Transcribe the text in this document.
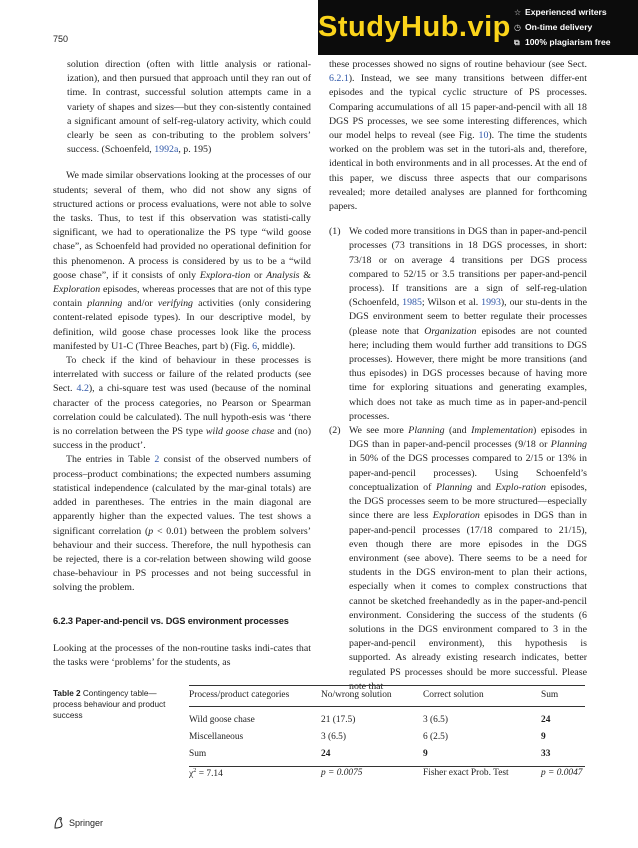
750	StudyHub.vip ☆ Experienced writers
◷ On-time delivery
⧉ 100% plagiarism free

solution direction (often with little analysis or rational-ization), and then pursued that approach until they ran out of time. In contrast, successful solution attempts came in a variety of shapes and sizes—but they con-sistently contained a significant amount of self-reg-ulatory activity, which could clearly be seen as con-tributing to the problem solvers’ success. (Schoenfeld, 1992a, p. 195)

We made similar observations looking at the processes of our students; several of them, who did not show any signs of structured actions or process evaluations, were not able to solve the tasks. Thus, to test if this observation was statisti-cally significant, we had to operationalize the PS type “wild goose chase”, as Schoenfeld had provided no operational definition for this phenomenon. A process is considered by us to be a “wild goose chase”, if it consists of only Explora-tion or Analysis & Exploration episodes, whereas processes that are not of this type contain planning and/or verifying activities (only considering content-related episode types). In our descriptive model, by definition, wild goose chase processes look like the process manifested by U1-C (Three Beaches, part b) (Fig. 6, middle).

To check if the kind of behaviour in these processes is interrelated with success or failure of the related products (see Sect. 4.2), a chi-square test was used (because of the nominal character of the process categories, no Pearson or Spearman correlation could be calculated). The null hypoth-esis was ‘there is no correlation between the PS type wild goose chase and (no) success in the product’.

The entries in Table 2 consist of the observed numbers of process–product combinations; the expected numbers assuming statistical independence (calculated by the mar-ginal totals) are added in parentheses. The entries in the main diagonal are apparently higher than the expected values. The test shows a significant correlation (p < 0.01) between the problem solvers’ behaviour and their success. Therefore, the null hypothesis can be rejected, there is a cor-relation between showing wild goose chase-behaviour in PS processes and not being successful in solving the problem.

6.2.3 Paper-and-pencil vs. DGS environment processes

Looking at the processes of the non-routine tasks indi-cates that the tasks were ‘problems’ for the students, as

these processes showed no signs of routine behaviour (see Sect. 6.2.1). Instead, we see many transitions between differ-ent episodes and the typical cyclic structure of PS processes. Comparing accumulations of all 15 paper-and-pencil with all 18 DGS PS processes, we see some interesting differences, which our model helps to reveal (see Fig. 10). The time the students worked on the problem was set in the tutori-als and, therefore, identical in both environments and in all processes. At the end of this paper, we discuss three aspects that our comparisons revealed; more detailed analyses are planned for forthcoming papers.

(1) We coded more transitions in DGS than in paper-and-pencil processes (73 transitions in 18 DGS processes, in short: 73/18 or on average 4 transitions per DGS process compared to 52/15 or 3.5 transitions per paper-and-pencil process). If transitions are a sign of self-reg-ulation (Schoenfeld, 1985; Wilson et al. 1993), our stu-dents in the DGS environment seem to better regulate their processes (please note that Organization episodes are not counted here; including them would further add transitions to DGS processes). However, there might be more transitions (and thus episodes) in DGS processes because of having more time for exploring situations and generating examples, which does not take as much time as in paper-and-pencil processes.
(2) We see more Planning (and Implementation) episodes in DGS than in paper-and-pencil processes (9/18 or Planning in 50% of the DGS processes compared to 2/15 or 13% in paper-and-pencil processes). Using Schoenfeld’s conceptualization of Planning and Explo-ration episodes, the DGS processes seem to be more structured—especially since there are less Exploration episodes in DGS than in paper-and-pencil processes (17/18 compared to 21/15), even though there are more episodes in the DGS environment (see above). There seems to be a need for students in the DGS environ-ment to plan their actions, especially when it comes to complex constructions that cannot be sketched freehandedly as in the paper-and-pencil environment. Considering the success of the students (6 solutions in the DGS environment compared to 3 in the paper-and-pencil environment), this hypothesis is supported. As already existing research indicates, better regulated PS processes should be more successful. Please note that
Table 2 Contingency table—process behaviour and product success
Process/product categories	No/wrong solution	Correct solution	Sum
Wild goose chase	21 (17.5)	3 (6.5)	24
Miscellaneous	3 (6.5)	6 (2.5)	9
Sum	24	9	33
$\chi^2 = 7.14$	p = 0.0075	Fisher exact Prob. Test	p = 0.0047
Springer
